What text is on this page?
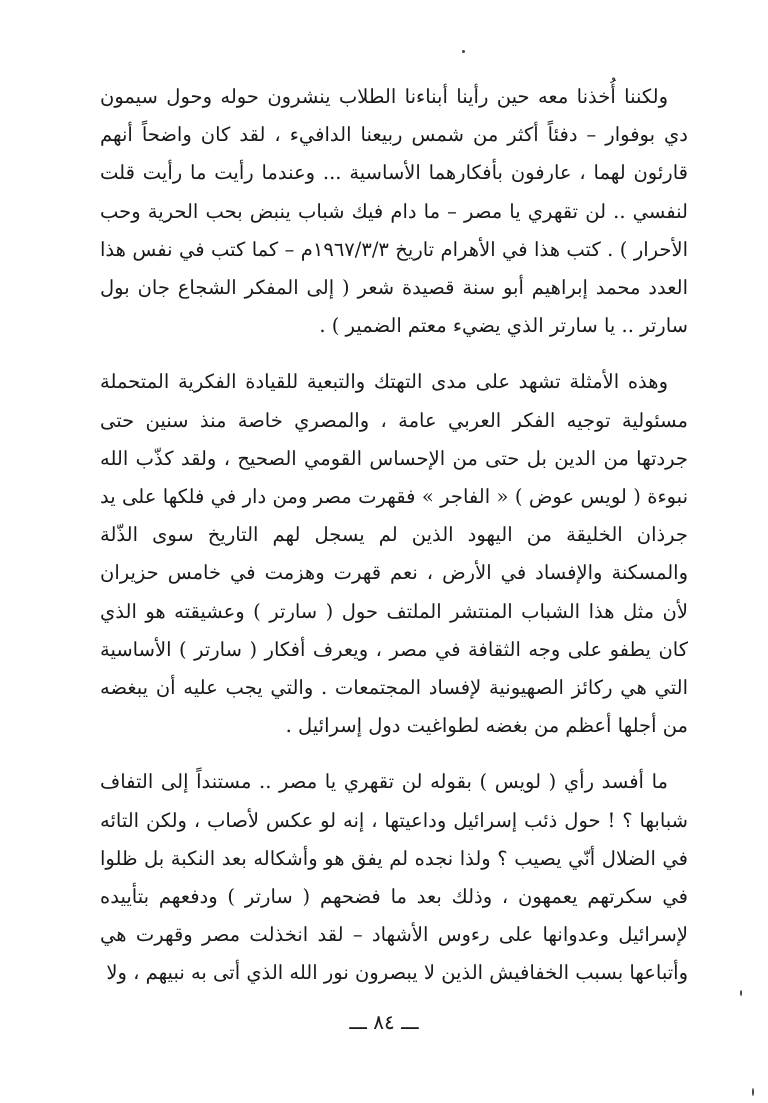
ولكننا أُخذنا معه حين رأينا أبناءنا الطلاب ينشرون حوله وحول سيمون دي بوفوار – دفئاً أكثر من شمس ربيعنا الدافيء ، لقد كان واضحاً أنهم قارئون لهما ، عارفون بأفكارهما الأساسية ... وعندما رأيت ما رأيت قلت لنفسي .. لن تقهري يا مصر – ما دام فيك شباب ينبض بحب الحرية وحب الأحرار ) . كتب هذا في الأهرام تاريخ ١٩٦٧/٣/٣م – كما كتب في نفس هذا العدد محمد إبراهيم أبو سنة قصيدة شعر ( إلى المفكر الشجاع جان بول سارتر .. يا سارتر الذي يضيء معتم الضمير ) .

وهذه الأمثلة تشهد على مدى التهتك والتبعية للقيادة الفكرية المتحملة مسئولية توجيه الفكر العربي عامة ، والمصري خاصة منذ سنين حتى جردتها من الدين بل حتى من الإحساس القومي الصحيح ، ولقد كذّب الله نبوءة ( لويس عوض ) « الفاجر » فقهرت مصر ومن دار في فلكها على يد جرذان الخليقة من اليهود الذين لم يسجل لهم التاريخ سوى الذّلة والمسكنة والإفساد في الأرض ، نعم قهرت وهزمت في خامس حزيران لأن مثل هذا الشباب المنتشر الملتف حول ( سارتر ) وعشيقته هو الذي كان يطفو على وجه الثقافة في مصر ، ويعرف أفكار ( سارتر ) الأساسية التي هي ركائز الصهيونية لإفساد المجتمعات . والتي يجب عليه أن يبغضه من أجلها أعظم من بغضه لطواغيت دول إسرائيل .

ما أفسد رأي ( لويس ) بقوله لن تقهري يا مصر .. مستنداً إلى التفاف شبابها ؟ ! حول ذئب إسرائيل وداعيتها ، إنه لو عكس لأصاب ، ولكن التائه في الضلال أنّي يصيب ؟ ولذا نجده لم يفق هو وأشكاله بعد النكبة بل ظلوا في سكرتهم يعمهون ، وذلك بعد ما فضحهم ( سارتر ) ودفعهم بتأييده لإسرائيل وعدوانها على رءوس الأشهاد – لقد انخذلت مصر وقهرت هي وأتباعها بسبب الخفافيش الذين لا يبصرون نور الله الذي أتى به نبيهم ، ولا

ـــ ٨٤ ـــ
